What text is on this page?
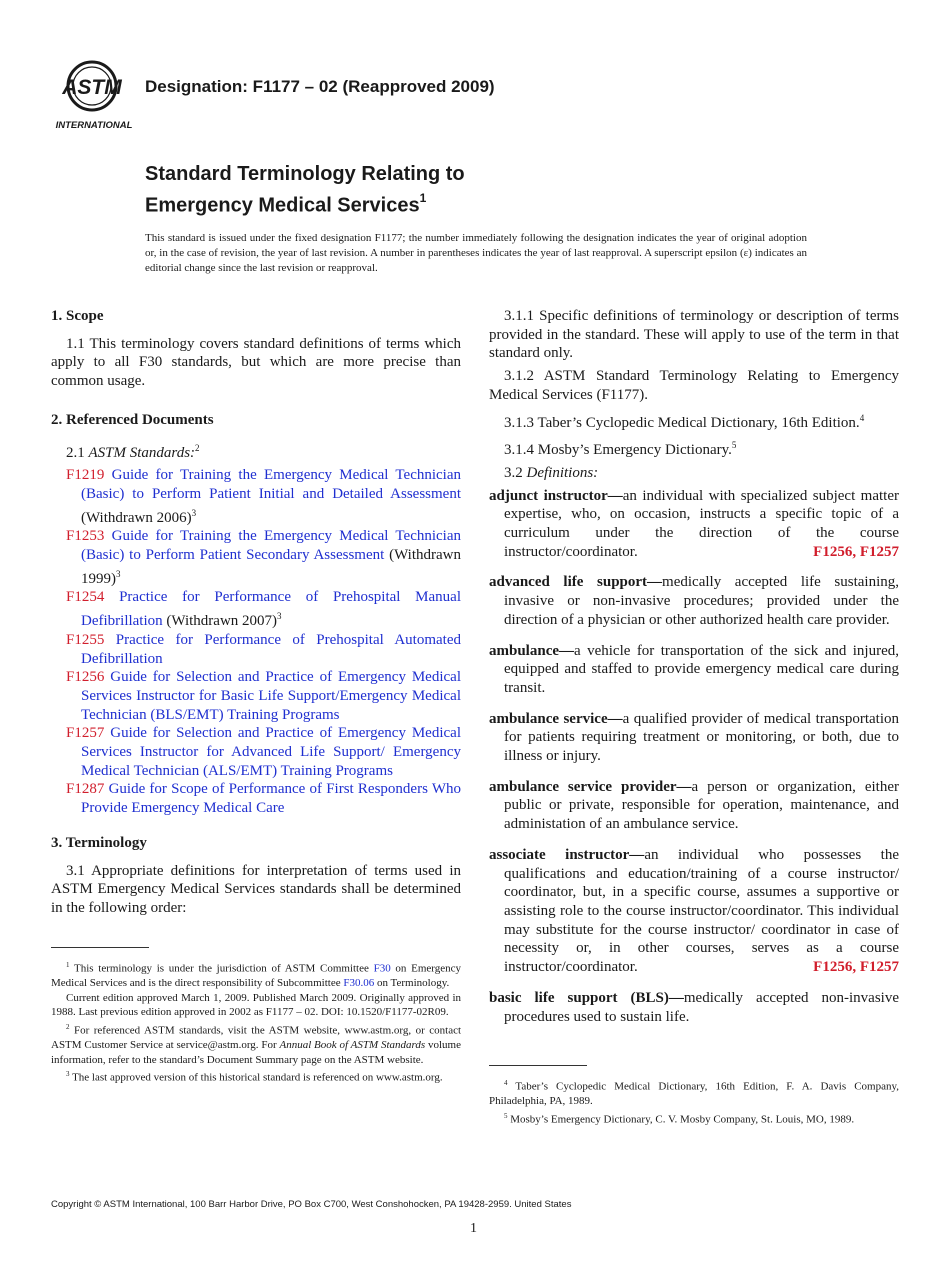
ASTM
INTERNATIONAL
Designation: F1177 – 02 (Reapproved 2009)
Standard Terminology Relating to
Emergency Medical Services$^1$
This standard is issued under the fixed designation F1177; the number immediately following the designation indicates the year of original adoption or, in the case of revision, the year of last revision. A number in parentheses indicates the year of last reapproval. A superscript epsilon (ε) indicates an editorial change since the last revision or reapproval.
1. Scope

1.1 This terminology covers standard definitions of terms which apply to all F30 standards, but which are more precise than common usage.

2. Referenced Documents

2.1 ASTM Standards:$^2$

F1219 Guide for Training the Emergency Medical Technician (Basic) to Perform Patient Initial and Detailed Assessment (Withdrawn 2006)$^3$

F1253 Guide for Training the Emergency Medical Technician (Basic) to Perform Patient Secondary Assessment (Withdrawn 1999)$^3$

F1254 Practice for Performance of Prehospital Manual Defibrillation (Withdrawn 2007)$^3$

F1255 Practice for Performance of Prehospital Automated Defibrillation

F1256 Guide for Selection and Practice of Emergency Medical Services Instructor for Basic Life Support/Emergency Medical Technician (BLS/EMT) Training Programs

F1257 Guide for Selection and Practice of Emergency Medical Services Instructor for Advanced Life Support/ Emergency Medical Technician (ALS/EMT) Training Programs

F1287 Guide for Scope of Performance of First Responders Who Provide Emergency Medical Care

3. Terminology

3.1 Appropriate definitions for interpretation of terms used in ASTM Emergency Medical Services standards shall be determined in the following order:

$^1$ This terminology is under the jurisdiction of ASTM Committee F30 on Emergency Medical Services and is the direct responsibility of Subcommittee F30.06 on Terminology.

Current edition approved March 1, 2009. Published March 2009. Originally approved in 1988. Last previous edition approved in 2002 as F1177 – 02. DOI: 10.1520/F1177-02R09.

$^2$ For referenced ASTM standards, visit the ASTM website, www.astm.org, or contact ASTM Customer Service at service@astm.org. For Annual Book of ASTM Standards volume information, refer to the standard’s Document Summary page on the ASTM website.

$^3$ The last approved version of this historical standard is referenced on www.astm.org.

3.1.1 Specific definitions of terminology or description of terms provided in the standard. These will apply to use of the term in that standard only.

3.1.2 ASTM Standard Terminology Relating to Emergency Medical Services (F1177).

3.1.3 Taber’s Cyclopedic Medical Dictionary, 16th Edition.$^4$

3.1.4 Mosby’s Emergency Dictionary.$^5$

3.2 Definitions:

adjunct instructor—an individual with specialized subject matter expertise, who, on occasion, instructs a specific topic of a curriculum under the direction of the course instructor/coordinator.	F1256, F1257
advanced life support—medically accepted life sustaining, invasive or non-invasive procedures; provided under the direction of a physician or other authorized health care provider.
ambulance—a vehicle for transportation of the sick and injured, equipped and staffed to provide emergency medical care during transit.
ambulance service—a qualified provider of medical transportation for patients requiring treatment or monitoring, or both, due to illness or injury.
ambulance service provider—a person or organization, either public or private, responsible for operation, maintenance, and administation of an ambulance service.
associate instructor—an individual who possesses the qualifications and education/training of a course instructor/ coordinator, but, in a specific course, assumes a supportive or assisting role to the course instructor/coordinator. This individual may substitute for the course instructor/ coordinator in case of necessity or, in other courses, serves as a course instructor/coordinator.	F1256, F1257
basic life support (BLS)—medically accepted non-invasive procedures used to sustain life.

$^4$ Taber’s Cyclopedic Medical Dictionary, 16th Edition, F. A. Davis Company, Philadelphia, PA, 1989.

$^5$ Mosby’s Emergency Dictionary, C. V. Mosby Company, St. Louis, MO, 1989.

Copyright © ASTM International, 100 Barr Harbor Drive, PO Box C700, West Conshohocken, PA 19428-2959. United States
1
